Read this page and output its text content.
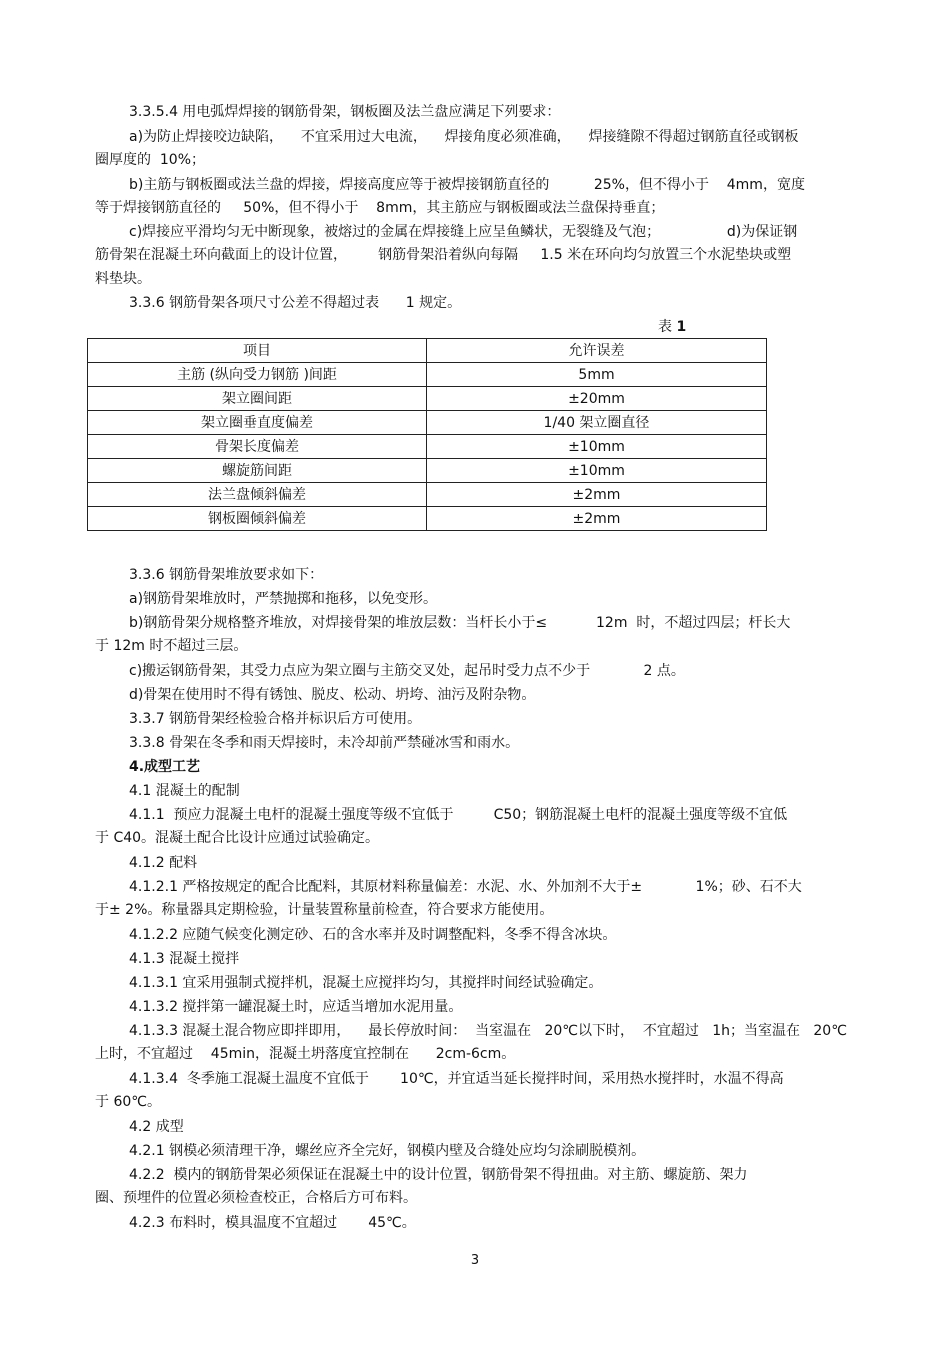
3.3.5.4 用电弧焊焊接的钢筋骨架，钢板圈及法兰盘应满足下列要求：

a)为防止焊接咬边缺陷，    不宜采用过大电流，    焊接角度必须准确，    焊接缝隙不得超过钢筋直径或钢板

圈厚度的  10%；

b)主筋与钢板圈或法兰盘的焊接，焊接高度应等于被焊接钢筋直径的          25%，但不得小于    4mm，宽度

等于焊接钢筋直径的     50%，但不得小于    8mm，其主筋应与钢板圈或法兰盘保持垂直；

c)焊接应平滑均匀无中断现象，被熔过的金属在焊接缝上应呈鱼鳞状，无裂缝及气泡；               d)为保证钢

筋骨架在混凝土环向截面上的设计位置，       钢筋骨架沿着纵向每隔     1.5 米在环向均匀放置三个水泥垫块或塑

料垫块。

3.3.6 钢筋骨架各项尺寸公差不得超过表      1 规定。

表 1

项目	允许误差
主筋 (纵向受力钢筋 )间距	5mm
架立圈间距	±20mm
架立圈垂直度偏差	1/40 架立圈直径
骨架长度偏差	±10mm
螺旋筋间距	±10mm
法兰盘倾斜偏差	±2mm
钢板圈倾斜偏差	±2mm

3.3.6 钢筋骨架堆放要求如下：

a)钢筋骨架堆放时，严禁抛掷和拖移，以免变形。

b)钢筋骨架分规格整齐堆放，对焊接骨架的堆放层数：当杆长小于≤           12m  时，不超过四层；杆长大

于 12m 时不超过三层。

c)搬运钢筋骨架，其受力点应为架立圈与主筋交叉处，起吊时受力点不少于            2 点。

d)骨架在使用时不得有锈蚀、脱皮、松动、坍垮、油污及附杂物。

3.3.7 钢筋骨架经检验合格并标识后方可使用。

3.3.8 骨架在冬季和雨天焊接时，未冷却前严禁碰冰雪和雨水。

4.成型工艺

4.1 混凝土的配制

4.1.1  预应力混凝土电杆的混凝土强度等级不宜低于         C50；钢筋混凝土电杆的混凝土强度等级不宜低

于 C40。混凝土配合比设计应通过试验确定。

4.1.2 配料

4.1.2.1 严格按规定的配合比配料，其原材料称量偏差：水泥、水、外加剂不大于±            1%；砂、石不大

于± 2%。称量器具定期检验，计量装置称量前检查，符合要求方能使用。

4.1.2.2 应随气候变化测定砂、石的含水率并及时调整配料，冬季不得含冰块。

4.1.3 混凝土搅拌

4.1.3.1 宜采用强制式搅拌机，混凝土应搅拌均匀，其搅拌时间经试验确定。

4.1.3.2 搅拌第一罐混凝土时，应适当增加水泥用量。

4.1.3.3 混凝土混合物应即拌即用，    最长停放时间：  当室温在   20℃以下时，  不宜超过   1h；当室温在   20℃

上时，不宜超过    45min，混凝土坍落度宜控制在      2cm-6cm。

4.1.3.4  冬季施工混凝土温度不宜低于       10℃，并宜适当延长搅拌时间，采用热水搅拌时，水温不得高

于 60℃。

4.2 成型

4.2.1 钢模必须清理干净，螺丝应齐全完好，钢模内壁及合缝处应均匀涂刷脱模剂。

4.2.2  模内的钢筋骨架必须保证在混凝土中的设计位置，钢筋骨架不得扭曲。对主筋、螺旋筋、架力

圈、预埋件的位置必须检查校正，合格后方可布料。

4.2.3 布料时，模具温度不宜超过       45℃。

3
